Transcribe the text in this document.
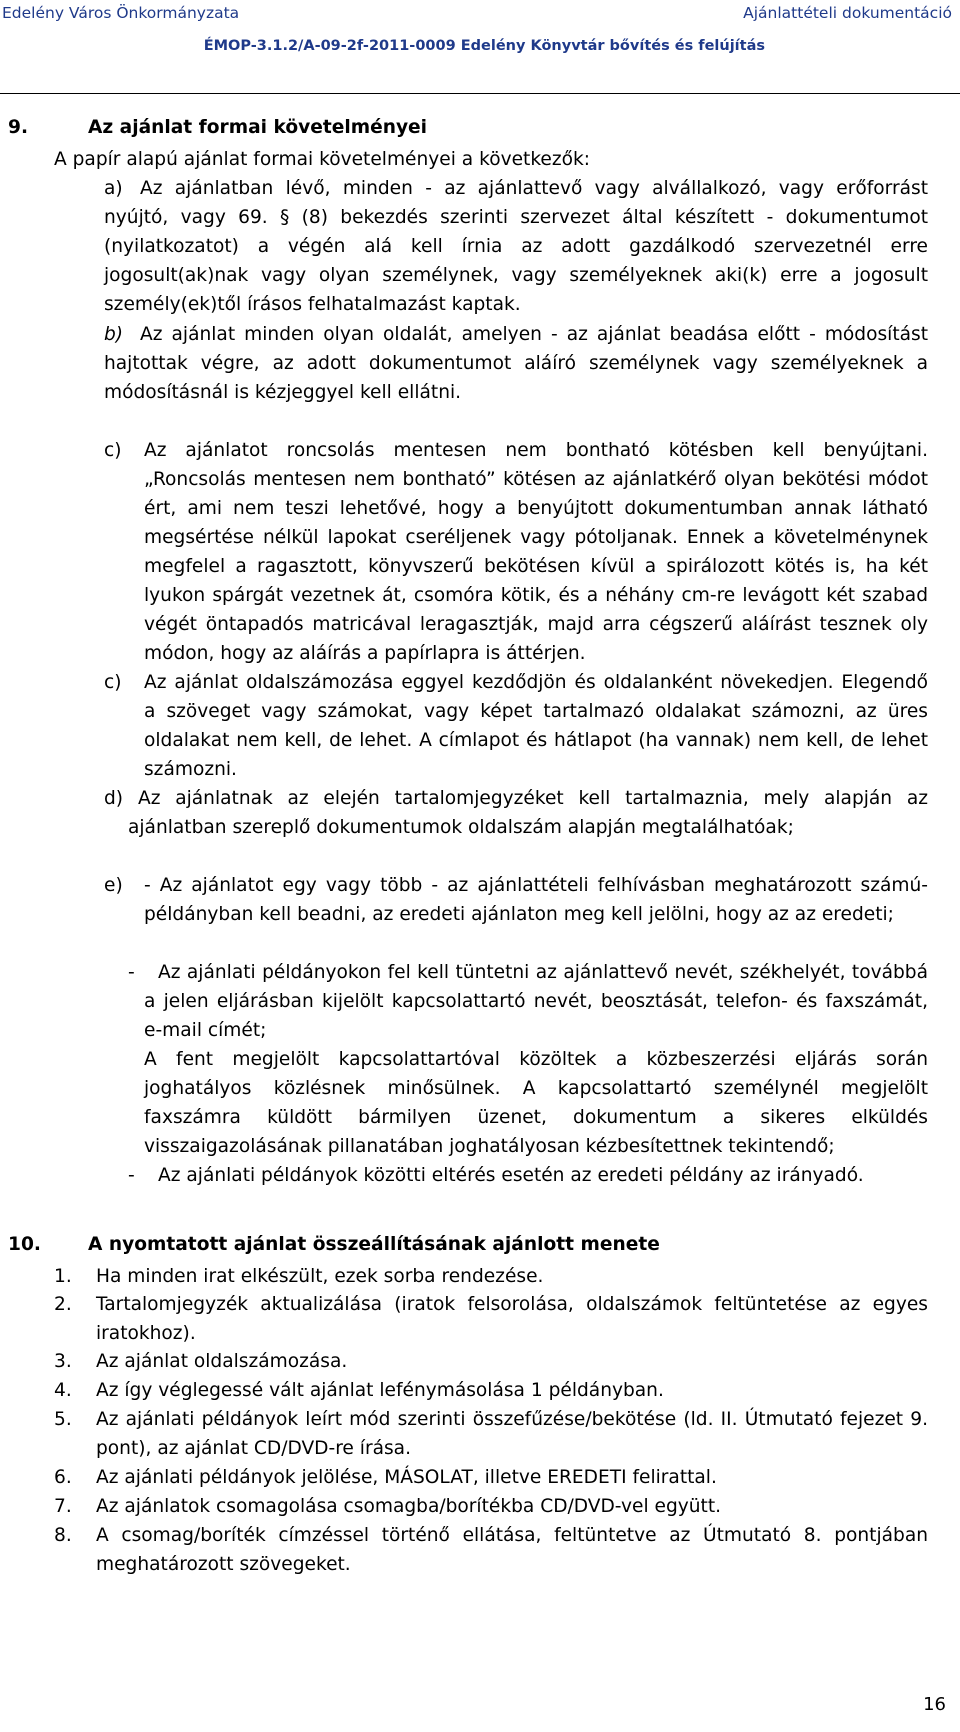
Edelény Város Önkormányzata	Ajánlattételi dokumentáció
ÉMOP-3.1.2/A-09-2f-2011-0009 Edelény Könyvtár bővítés és felújítás
9.	Az ajánlat formai követelményei
A papír alapú ajánlat formai követelményei a következők:
a) Az ajánlatban lévő, minden - az ajánlattevő vagy alvállalkozó, vagy erőforrást nyújtó, vagy 69. § (8) bekezdés szerinti szervezet által készített - dokumentumot (nyilatkozatot) a végén alá kell írnia az adott gazdálkodó szervezetnél erre jogosult(ak)nak vagy olyan személynek, vagy személyeknek aki(k) erre a jogosult személy(ek)től írásos felhatalmazást kaptak.
b) Az ajánlat minden olyan oldalát, amelyen - az ajánlat beadása előtt - módosítást hajtottak végre, az adott dokumentumot aláíró személynek vagy személyeknek a módosításnál is kézjeggyel kell ellátni.
c) Az ajánlatot roncsolás mentesen nem bontható kötésben kell benyújtani. „Roncsolás mentesen nem bontható” kötésen az ajánlatkérő olyan bekötési módot ért, ami nem teszi lehetővé, hogy a benyújtott dokumentumban annak látható megsértése nélkül lapokat cseréljenek vagy pótoljanak. Ennek a követelménynek megfelel a ragasztott, könyvszerű bekötésen kívül a spirálozott kötés is, ha két lyukon spárgát vezetnek át, csomóra kötik, és a néhány cm-re levágott két szabad végét öntapadós matricával leragasztják, majd arra cégszerű aláírást tesznek oly módon, hogy az aláírás a papírlapra is áttérjen.
c) Az ajánlat oldalszámozása eggyel kezdődjön és oldalanként növekedjen. Elegendő a szöveget vagy számokat, vagy képet tartalmazó oldalakat számozni, az üres oldalakat nem kell, de lehet. A címlapot és hátlapot (ha vannak) nem kell, de lehet számozni.
d) Az ajánlatnak az elején tartalomjegyzéket kell tartalmaznia, mely alapján az ajánlatban szereplő dokumentumok oldalszám alapján megtalálhatóak;
e) - Az ajánlatot egy vagy több - az ajánlattételi felhívásban meghatározott számú- példányban kell beadni, az eredeti ajánlaton meg kell jelölni, hogy az az eredeti;
-	Az ajánlati példányokon fel kell tüntetni az ajánlattevő nevét, székhelyét, továbbá a jelen eljárásban kijelölt kapcsolattartó nevét, beosztását, telefon- és faxszámát, e-mail címét;
A fent megjelölt kapcsolattartóval közöltek a közbeszerzési eljárás során joghatályos közlésnek minősülnek. A kapcsolattartó személynél megjelölt faxszámra küldött bármilyen üzenet, dokumentum a sikeres elküldés visszaigazolásának pillanatában joghatályosan kézbesítettnek tekintendő;
-	Az ajánlati példányok közötti eltérés esetén az eredeti példány az irányadó.
10.	A nyomtatott ajánlat összeállításának ajánlott menete
1. Ha minden irat elkészült, ezek sorba rendezése.
2. Tartalomjegyzék aktualizálása (iratok felsorolása, oldalszámok feltüntetése az egyes iratokhoz).
3. Az ajánlat oldalszámozása.
4. Az így véglegessé vált ajánlat lefénymásolása 1 példányban.
5. Az ajánlati példányok leírt mód szerinti összefűzése/bekötése (ld. II. Útmutató fejezet 9. pont), az ajánlat CD/DVD-re írása.
6. Az ajánlati példányok jelölése, MÁSOLAT, illetve EREDETI felirattal.
7. Az ajánlatok csomagolása csomagba/borítékba CD/DVD-vel együtt.
8. A csomag/boríték címzéssel történő ellátása, feltüntetve az Útmutató 8. pontjában meghatározott szövegeket.
16
